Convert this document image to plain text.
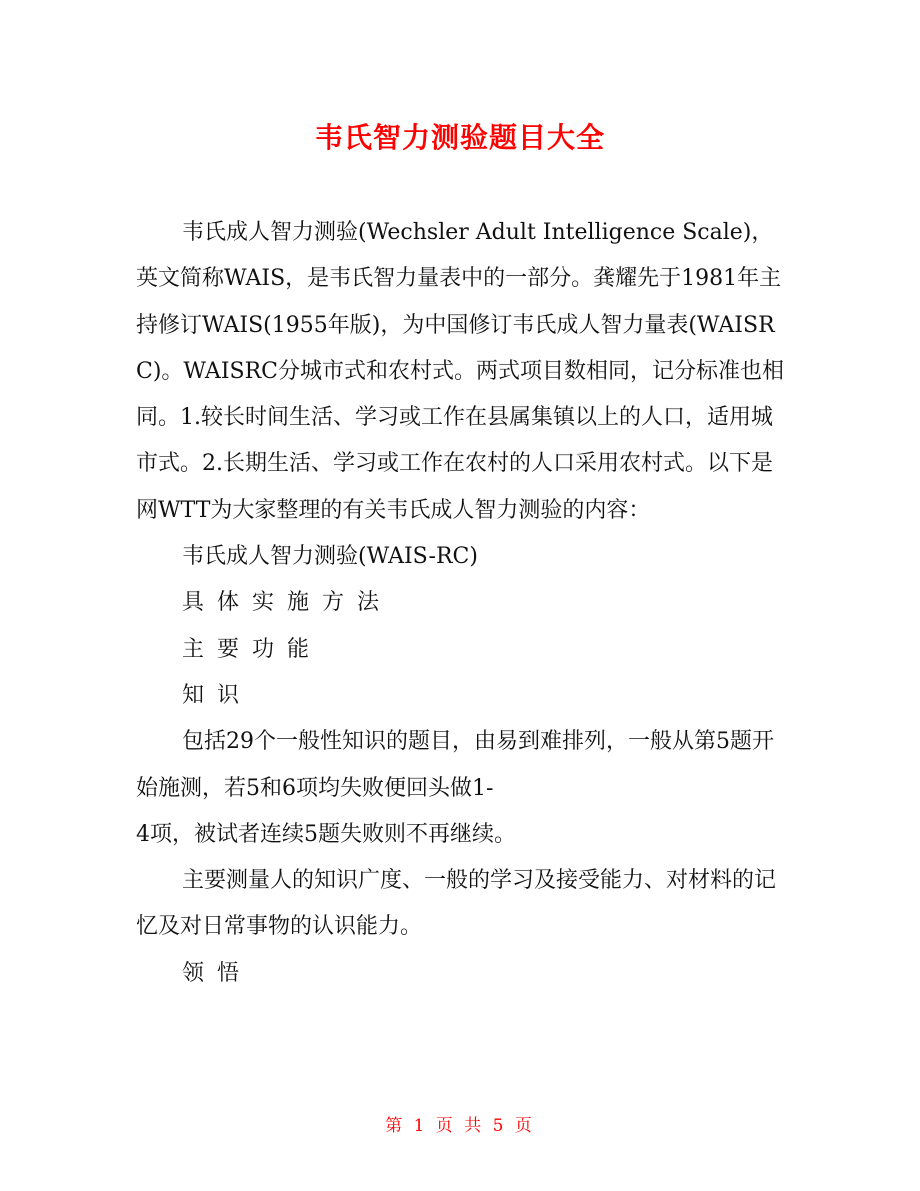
韦氏智力测验题目大全

韦氏成人智力测验(Wechsler Adult Intelligence Scale)，英文简称WAIS，是韦氏智力量表中的一部分。龚耀先于1981年主持修订WAIS(1955年版)，为中国修订韦氏成人智力量表(WAISRC)。WAISRC分城市式和农村式。两式项目数相同，记分标准也相同。1.较长时间生活、学习或工作在县属集镇以上的人口，适用城市式。2.长期生活、学习或工作在农村的人口采用农村式。以下是网WTT为大家整理的有关韦氏成人智力测验的内容：

韦氏成人智力测验(WAIS-RC)

具体实施方法

主要功能

知识

包括29个一般性知识的题目，由易到难排列，一般从第5题开始施测，若5和6项均失败便回头做1-

4项，被试者连续5题失败则不再继续。

主要测量人的知识广度、一般的学习及接受能力、对材料的记忆及对日常事物的认识能力。

领悟

第 1 页 共 5 页
